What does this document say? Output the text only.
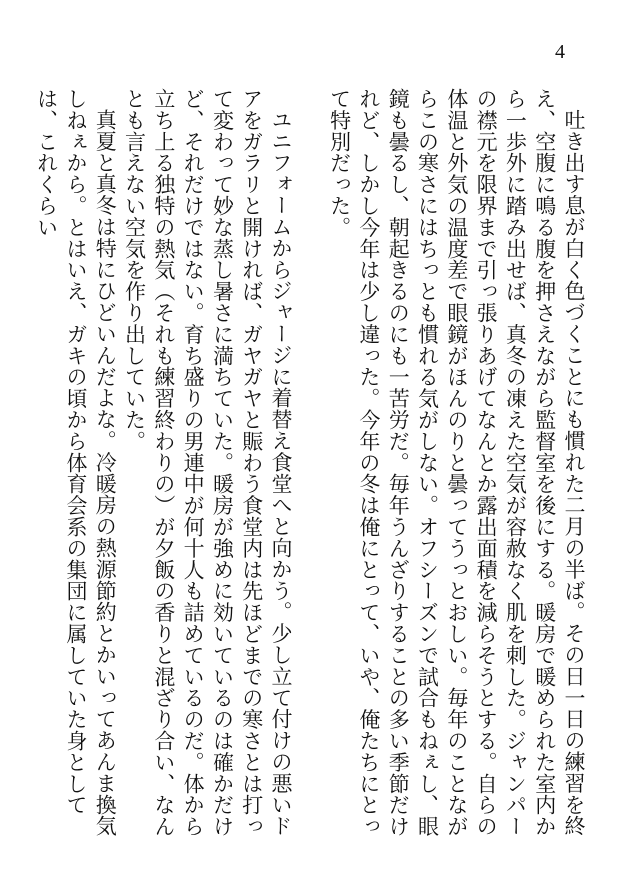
4

吐き出す息が白く色づくことにも慣れた二月の半ば。その日一日の練習を終え、空腹に鳴る腹を押さえながら監督室を後にする。暖房で暖められた室内から一歩外に踏み出せば、真冬の凍えた空気が容赦なく肌を刺した。ジャンパーの襟元を限界まで引っ張りあげてなんとか露出面積を減らそうとする。自らの体温と外気の温度差で眼鏡がほんのりと曇ってうっとおしい。毎年のことながらこの寒さにはちっとも慣れる気がしない。オフシーズンで試合もねぇし、眼鏡も曇るし、朝起きるのにも一苦労だ。毎年うんざりすることの多い季節だけれど、しかし今年は少し違った。今年の冬は俺にとって、いや、俺たちにとって特別だった。

ユニフォームからジャージに着替え食堂へと向かう。少し立て付けの悪いドアをガラリと開ければ、ガヤガヤと賑わう食堂内は先ほどまでの寒さとは打って変わって妙な蒸し暑さに満ちていた。暖房が強めに効いているのは確かだけど、それだけではない。育ち盛りの男連中が何十人も詰めているのだ。体から立ち上る独特の熱気（それも練習終わりの）が夕飯の香りと混ざり合い、なんとも言えない空気を作り出していた。

真夏と真冬は特にひどいんだよな。冷暖房の熱源節約とかいってあんま換気しねぇから。とはいえ、ガキの頃から体育会系の集団に属していた身としては、これくらい
